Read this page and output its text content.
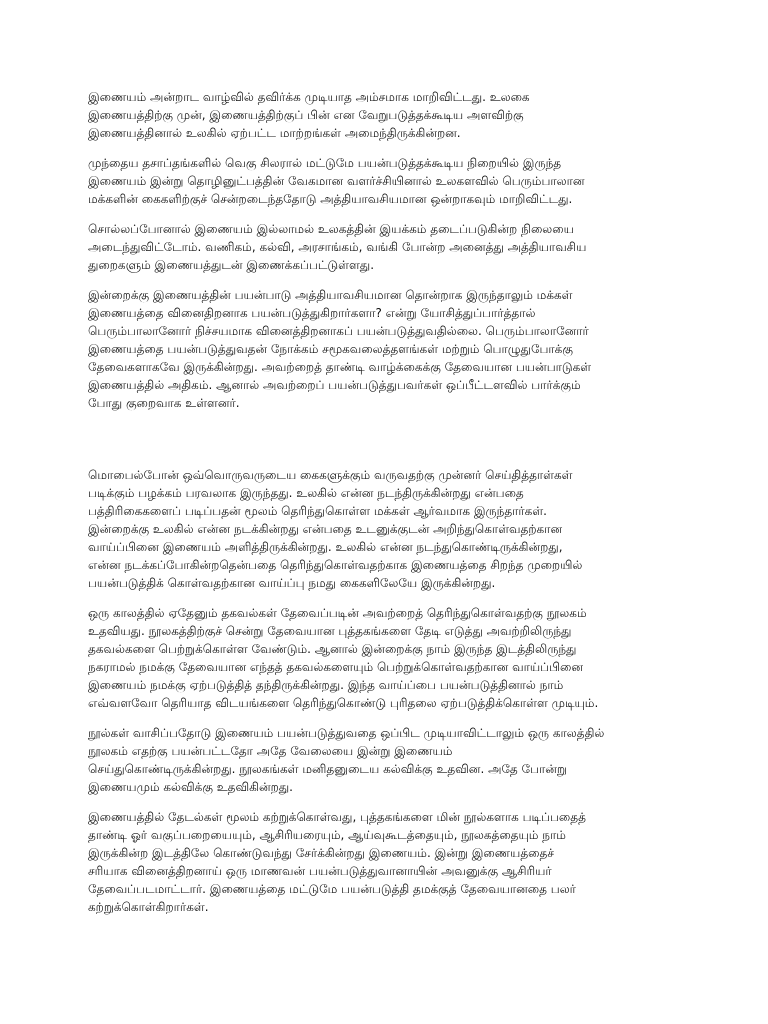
இணையம் அன்றாட வாழ்வில் தவிர்க்க முடியாத அம்சமாக மாறிவிட்டது. உலகை
இணையத்திற்கு முன், இணையத்திற்குப் பின் என வேறுபடுத்தக்கூடிய அளவிற்கு
இணையத்தினால் உலகில் ஏற்பட்ட மாற்றங்கள் அமைந்திருக்கின்றன.

முந்தைய தசாப்தங்களில் வெகு சிலரால் மட்டுமே பயன்படுத்தக்கூடிய நிறையில் இருந்த
இணையம் இன்று தொழினுட்பத்தின் வேகமான வளர்ச்சியினால் உலகளவில் பெரும்பாலான
மக்களின் கைகளிற்குச் சென்றடைந்ததோடு அத்தியாவசியமான ஒன்றாகவும் மாறிவிட்டது.

சொல்லப்போனால் இணையம் இல்லாமல் உலகத்தின் இயக்கம் தடைப்படுகின்ற நிலையை
அடைந்துவிட்டோம். வணிகம், கல்வி, அரசாங்கம், வங்கி போன்ற அனைத்து அத்தியாவசிய
துறைகளும் இணையத்துடன் இணைக்கப்பட்டுள்ளது.

இன்றைக்கு இணையத்தின் பயன்பாடு அத்தியாவசியமான தொன்றாக இருந்தாலும் மக்கள்
இணையத்தை வினைதிறனாக பயன்படுத்துகிறார்களா? என்று யோசித்துப்பார்த்தால்
பெரும்பாலானோர் நிச்சயமாக வினைத்திறனாகப் பயன்படுத்துவதில்லை. பெரும்பாலானோர்
இணையத்தை பயன்படுத்துவதன் நோக்கம் சமூகவலைத்தளங்கள் மற்றும் பொழுதுபோக்கு
தேவைகளாகவே இருக்கின்றது. அவற்றைத் தாண்டி வாழ்க்கைக்கு தேவையான பயன்பாடுகள்
இணையத்தில் அதிகம். ஆனால் அவற்றைப் பயன்படுத்துபவர்கள் ஒப்பீட்டளவில் பார்க்கும்
போது குறைவாக உள்ளனர்.

மொபைல்போன் ஒவ்வொருவருடைய கைகளுக்கும் வருவதற்கு முன்னர் செய்தித்தாள்கள்
படிக்கும் பழக்கம் பரவலாக இருந்தது. உலகில் என்ன நடந்திருக்கின்றது என்பதை
பத்திரிகைகளைப் படிப்பதன் மூலம் தெரிந்துகொள்ள மக்கள் ஆர்வமாக இருந்தார்கள்.
இன்றைக்கு உலகில் என்ன நடக்கின்றது என்பதை உடனுக்குடன் அறிந்துகொள்வதற்கான
வாய்ப்பினை இணையம் அளித்திருக்கின்றது. உலகில் என்ன நடந்துகொண்டிருக்கின்றது,
என்ன நடக்கப்போகின்றதென்பதை தெரிந்துகொள்வதற்காக இணையத்தை சிறந்த முறையில்
பயன்படுத்திக் கொள்வதற்கான வாய்ப்பு நமது கைகளிலேயே இருக்கின்றது.

ஒரு காலத்தில் ஏதேனும் தகவல்கள் தேவைப்படின் அவற்றைத் தெரிந்துகொள்வதற்கு நூலகம்
உதவியது. நூலகத்திற்குச் சென்று தேவையான புத்தகங்களை தேடி எடுத்து அவற்றிலிருந்து
தகவல்களை பெற்றுக்கொள்ள வேண்டும். ஆனால் இன்றைக்கு நாம் இருந்த இடத்திலிருந்து
நகராமல் நமக்கு தேவையான எந்தத் தகவல்களையும் பெற்றுக்கொள்வதற்கான வாய்ப்பினை
இணையம் நமக்கு ஏற்படுத்தித் தந்திருக்கின்றது. இந்த வாய்ப்பை பயன்படுத்தினால் நாம்
எவ்வளவோ தெரியாத விடயங்களை தெரிந்துகொண்டு புரிதலை ஏற்படுத்திக்கொள்ள முடியும்.

நூல்கள் வாசிப்பதோடு இணையம் பயன்படுத்துவதை ஒப்பிட முடியாவிட்டாலும் ஒரு காலத்தில்
நூலகம் எதற்கு பயன்பட்டதோ அதே வேலையை இன்று இணையம்
செய்துகொண்டிருக்கின்றது. நூலகங்கள் மனிதனுடைய கல்விக்கு உதவின. அதே போன்று
இணையமும் கல்விக்கு உதவிகின்றது.

இணையத்தில் தேடல்கள் மூலம் கற்றுக்கொள்வது, புத்தகங்களை மின் நூல்களாக படிப்பதைத்
தாண்டி ஓர் வகுப்பறையையும், ஆசிரியரையும், ஆய்வுகூடத்தையும், நூலகத்தையும் நாம்
இருக்கின்ற இடத்திலே கொண்டுவந்து சேர்க்கின்றது இணையம். இன்று இணையத்தைச்
சரியாக வினைத்திறனாய் ஒரு மாணவன் பயன்படுத்துவானாயின் அவனுக்கு ஆசிரியர்
தேவைப்படமாட்டார். இணையத்தை மட்டுமே பயன்படுத்தி தமக்குத் தேவையானதை பலர்
கற்றுக்கொள்கிறார்கள்.
